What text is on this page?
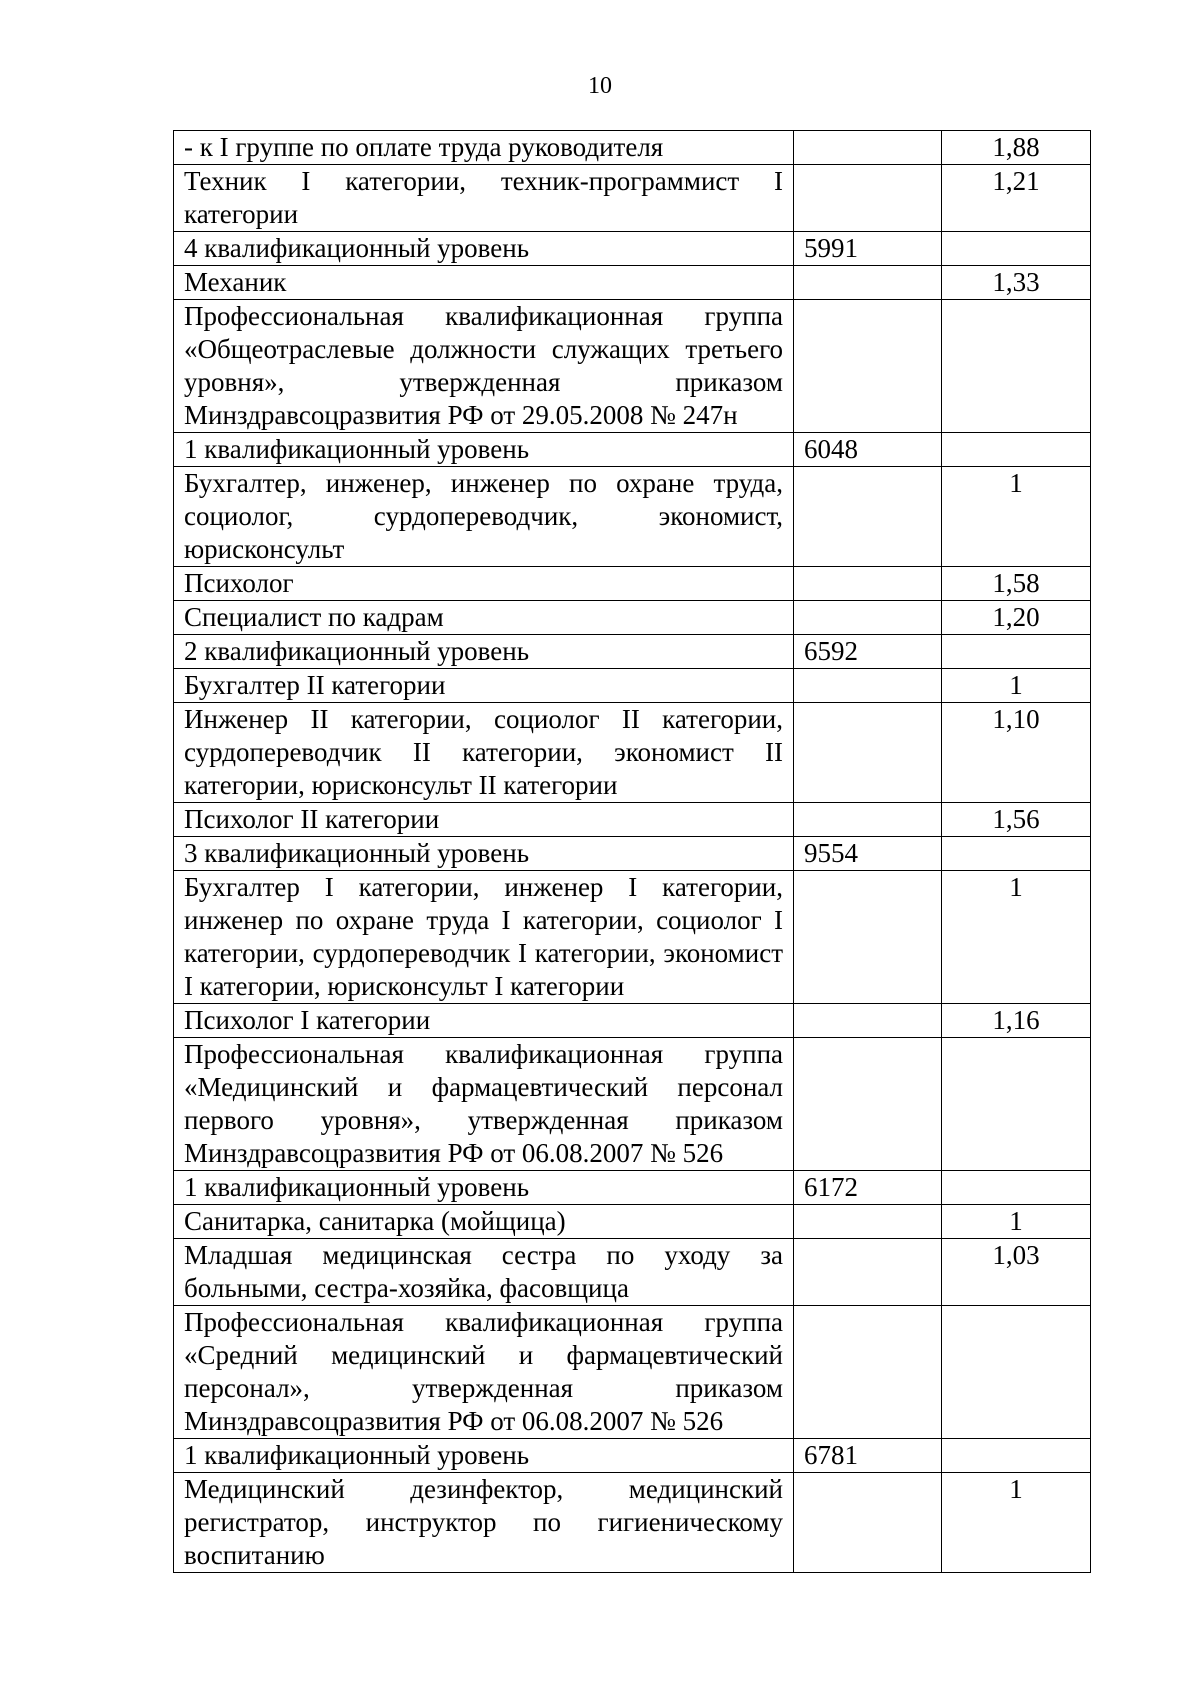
10
- к I группе по оплате труда руководителя		1,88
Техник I категории, техник-программист I категории		1,21
4 квалификационный уровень	5991	
Механик		1,33
Профессиональная квалификационная группа «Общеотраслевые должности служащих третьего уровня», утвержденная приказом Минздравсоцразвития РФ от 29.05.2008 № 247н		
1 квалификационный уровень	6048	
Бухгалтер, инженер, инженер по охране труда, социолог, сурдопереводчик, экономист, юрисконсульт		1
Психолог		1,58
Специалист по кадрам		1,20
2 квалификационный уровень	6592	
Бухгалтер II категории		1
Инженер II категории, социолог II категории, сурдопереводчик II категории, экономист II категории, юрисконсульт II категории		1,10
Психолог II категории		1,56
3 квалификационный уровень	9554	
Бухгалтер I категории, инженер I категории, инженер по охране труда I категории, социолог I категории, сурдопереводчик I категории, экономист I категории, юрисконсульт I категории		1
Психолог I категории		1,16
Профессиональная квалификационная группа «Медицинский и фармацевтический персонал первого уровня», утвержденная приказом Минздравсоцразвития РФ от 06.08.2007 № 526		
1 квалификационный уровень	6172	
Санитарка, санитарка (мойщица)		1
Младшая медицинская сестра по уходу за больными, сестра-хозяйка, фасовщица		1,03
Профессиональная квалификационная группа «Средний медицинский и фармацевтический персонал», утвержденная приказом Минздравсоцразвития РФ от 06.08.2007 № 526		
1 квалификационный уровень	6781	
Медицинский дезинфектор, медицинский регистратор, инструктор по гигиеническому воспитанию		1
